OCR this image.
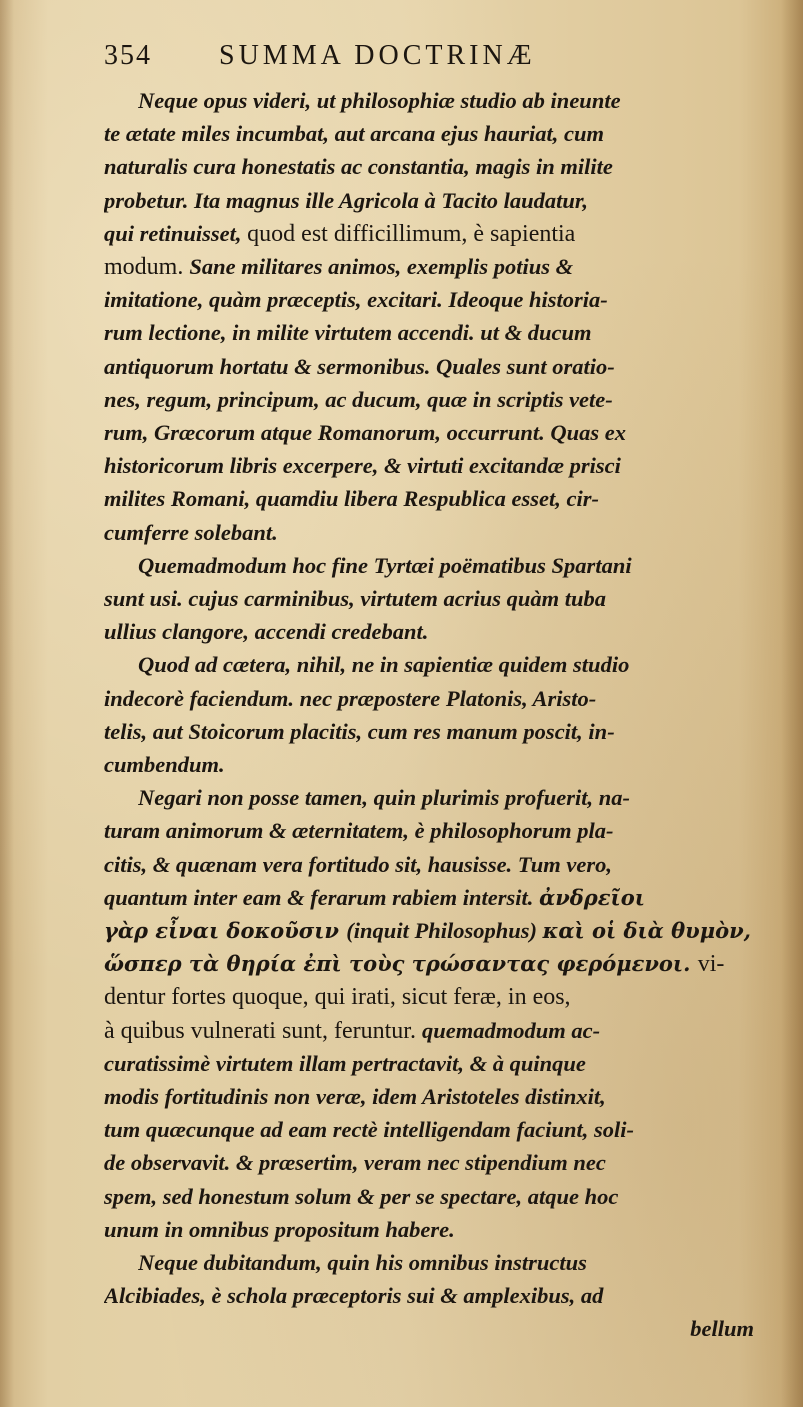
354 SUMMA DOCTRINÆ
Neque opus videri, ut philosophiæ studio ab ineunte
te ætate miles incumbat, aut arcana ejus hauriat, cum
naturalis cura honestatis ac constantia, magis in milite
probetur. Ita magnus ille Agricola à Tacito laudatur,
qui retinuisset, quod est difficillimum, è sapientia
modum. Sane militares animos, exemplis potius &
imitatione, quàm præceptis, excitari. Ideoque historia-
rum lectione, in milite virtutem accendi. ut & ducum
antiquorum hortatu & sermonibus. Quales sunt oratio-
nes, regum, principum, ac ducum, quæ in scriptis vete-
rum, Græcorum atque Romanorum, occurrunt. Quas ex
historicorum libris excerpere, & virtuti excitandæ prisci
milites Romani, quamdiu libera Respublica esset, cir-
cumferre solebant.
Quemadmodum hoc fine Tyrtæi poëmatibus Spartani
sunt usi. cujus carminibus, virtutem acrius quàm tuba
ullius clangore, accendi credebant.
Quod ad cætera, nihil, ne in sapientiæ quidem studio
indecorè faciendum. nec præpostere Platonis, Aristo-
telis, aut Stoicorum placitis, cum res manum poscit, in-
cumbendum.
Negari non posse tamen, quin plurimis profuerit, na-
turam animorum & æternitatem, è philosophorum pla-
citis, & quænam vera fortitudo sit, hausisse. Tum vero,
quantum inter eam & ferarum rabiem intersit. ἀνδρεῖοι
γὰρ εἶναι δοκοῦσιν (inquit Philosophus) καὶ οἱ διὰ θυμὸν,
ὥσπερ τὰ θηρία ἐπὶ τοὺς τρώσαντας φερόμενοι. vi-
dentur fortes quoque, qui irati, sicut feræ, in eos,
à quibus vulnerati sunt, feruntur. quemadmodum ac-
curatissimè virtutem illam pertractavit, & à quinque
modis fortitudinis non veræ, idem Aristoteles distinxit,
tum quæcunque ad eam rectè intelligendam faciunt, soli-
de observavit. & præsertim, veram nec stipendium nec
spem, sed honestum solum & per se spectare, atque hoc
unum in omnibus propositum habere.
Neque dubitandum, quin his omnibus instructus
Alcibiades, è schola præceptoris sui & amplexibus, ad
bellum
